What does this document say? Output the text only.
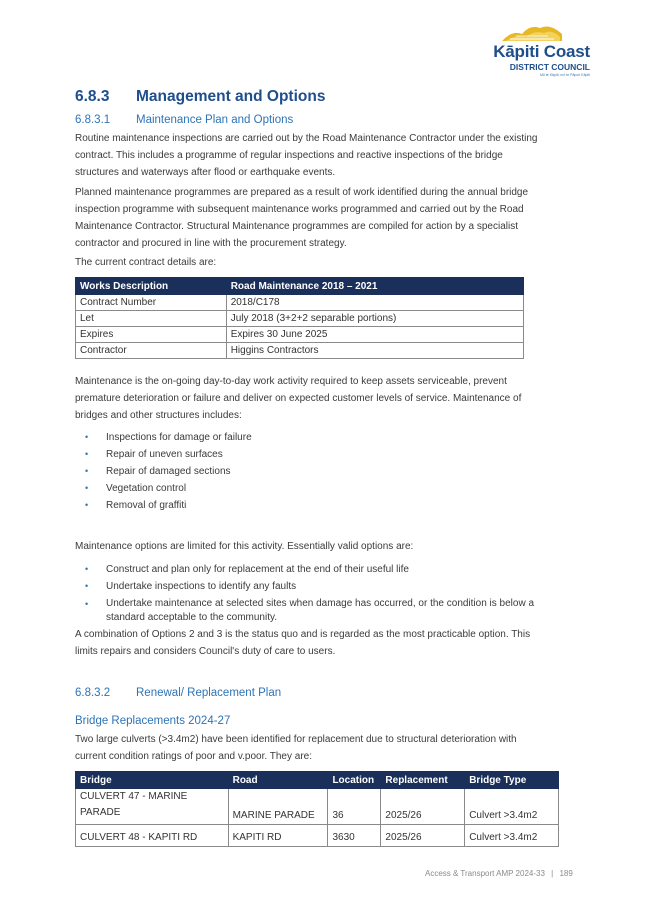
Kāpiti Coast
DISTRICT COUNCIL
Mō te Kāpiti, mō te Pāpori Kāpiti
6.8.3 Management and Options
6.8.3.1 Maintenance Plan and Options
Routine maintenance inspections are carried out by the Road Maintenance Contractor under the existing
contract. This includes a programme of regular inspections and reactive inspections of the bridge
structures and waterways after flood or earthquake events.
Planned maintenance programmes are prepared as a result of work identified during the annual bridge
inspection programme with subsequent maintenance works programmed and carried out by the Road
Maintenance Contractor. Structural Maintenance programmes are compiled for action by a specialist
contractor and procured in line with the procurement strategy.
The current contract details are:
Works Description	Road Maintenance 2018 – 2021
Contract Number	2018/C178
Let	July 2018 (3+2+2 separable portions)
Expires	Expires 30 June 2025
Contractor	Higgins Contractors
Maintenance is the on-going day-to-day work activity required to keep assets serviceable, prevent
premature deterioration or failure and deliver on expected customer levels of service. Maintenance of
bridges and other structures includes:
• Inspections for damage or failure
• Repair of uneven surfaces
• Repair of damaged sections
• Vegetation control
• Removal of graffiti
Maintenance options are limited for this activity. Essentially valid options are:
• Construct and plan only for replacement at the end of their useful life
• Undertake inspections to identify any faults
• Undertake maintenance at selected sites when damage has occurred, or the condition is below a
standard acceptable to the community.
A combination of Options 2 and 3 is the status quo and is regarded as the most practicable option. This
limits repairs and considers Council's duty of care to users.
6.8.3.2 Renewal/ Replacement Plan
Bridge Replacements 2024-27
Two large culverts (>3.4m2) have been identified for replacement due to structural deterioration with
current condition ratings of poor and v.poor. They are:
Bridge	Road	Location	Replacement	Bridge Type
CULVERT 47 - MARINE
PARADE	MARINE PARADE	36	2025/26	Culvert >3.4m2
CULVERT 48 - KAPITI RD	KAPITI RD	3630	2025/26	Culvert >3.4m2
Access & Transport AMP 2024-33 | 189
